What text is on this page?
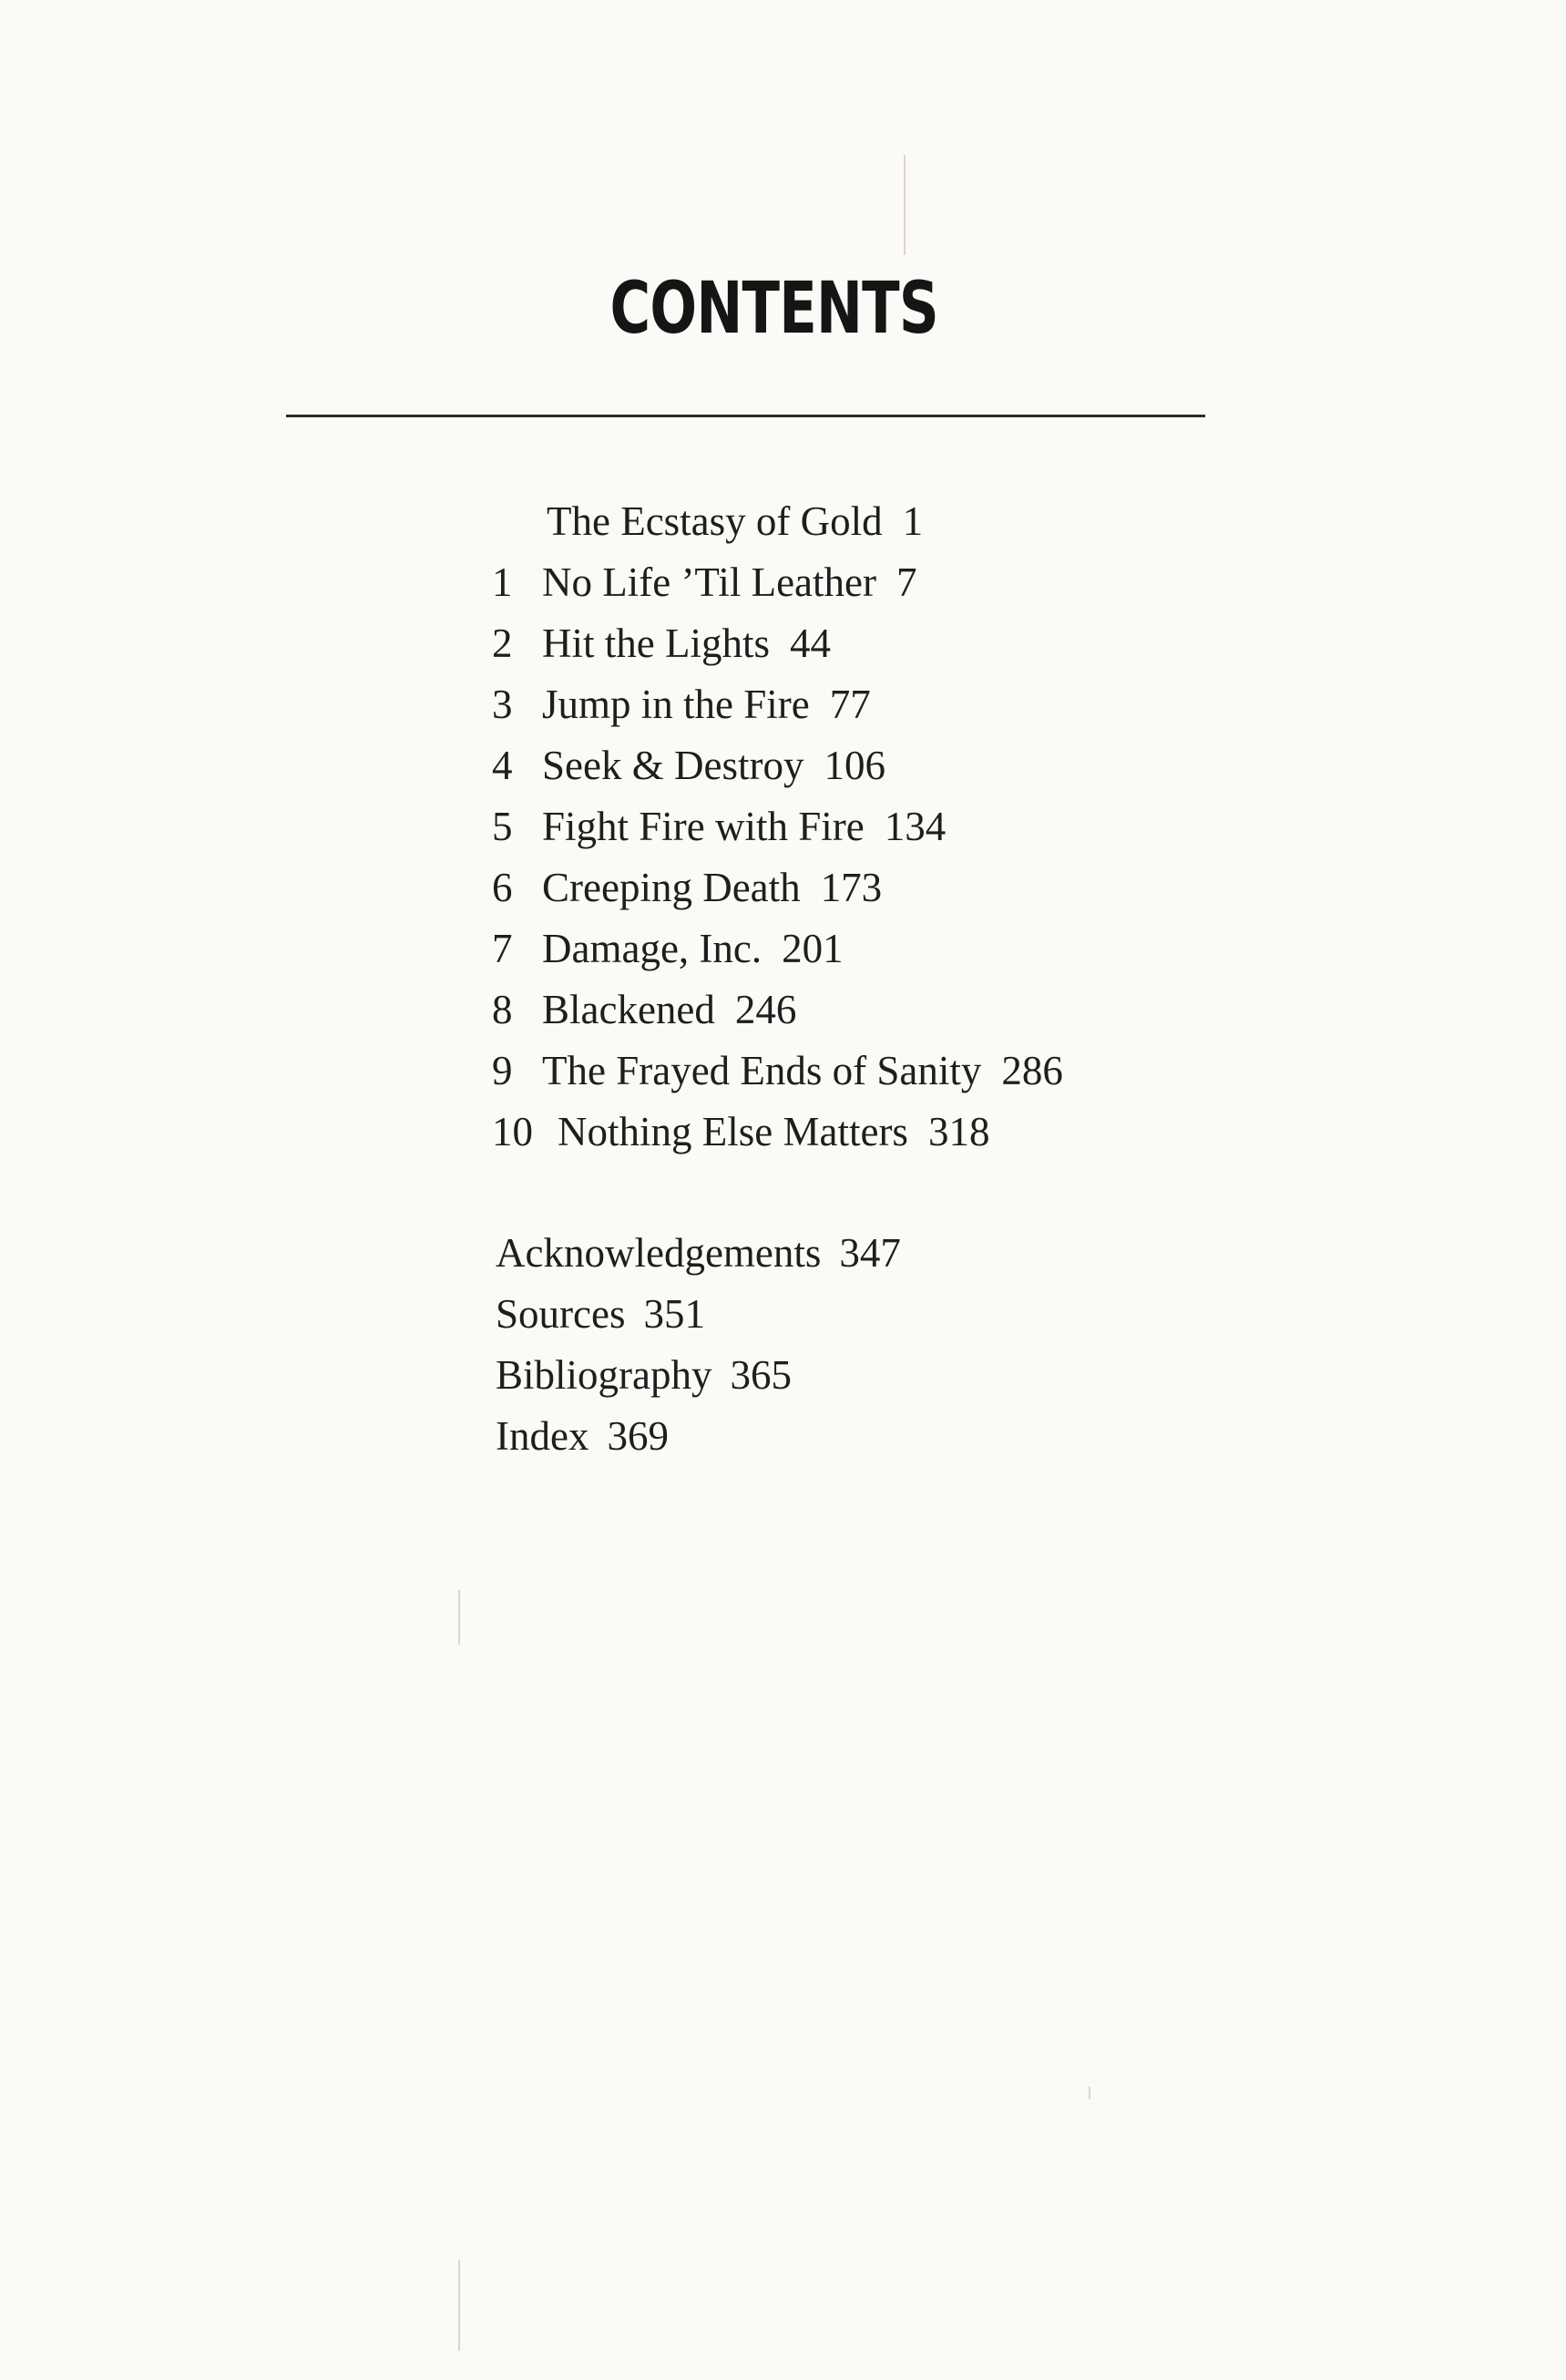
CONTENTS
The Ecstasy of Gold 1
1 No Life ’Til Leather 7
2 Hit the Lights 44
3 Jump in the Fire 77
4 Seek & Destroy 106
5 Fight Fire with Fire 134
6 Creeping Death 173
7 Damage, Inc. 201
8 Blackened 246
9 The Frayed Ends of Sanity 286
10 Nothing Else Matters 318
Acknowledgements 347
Sources 351
Bibliography 365
Index 369
